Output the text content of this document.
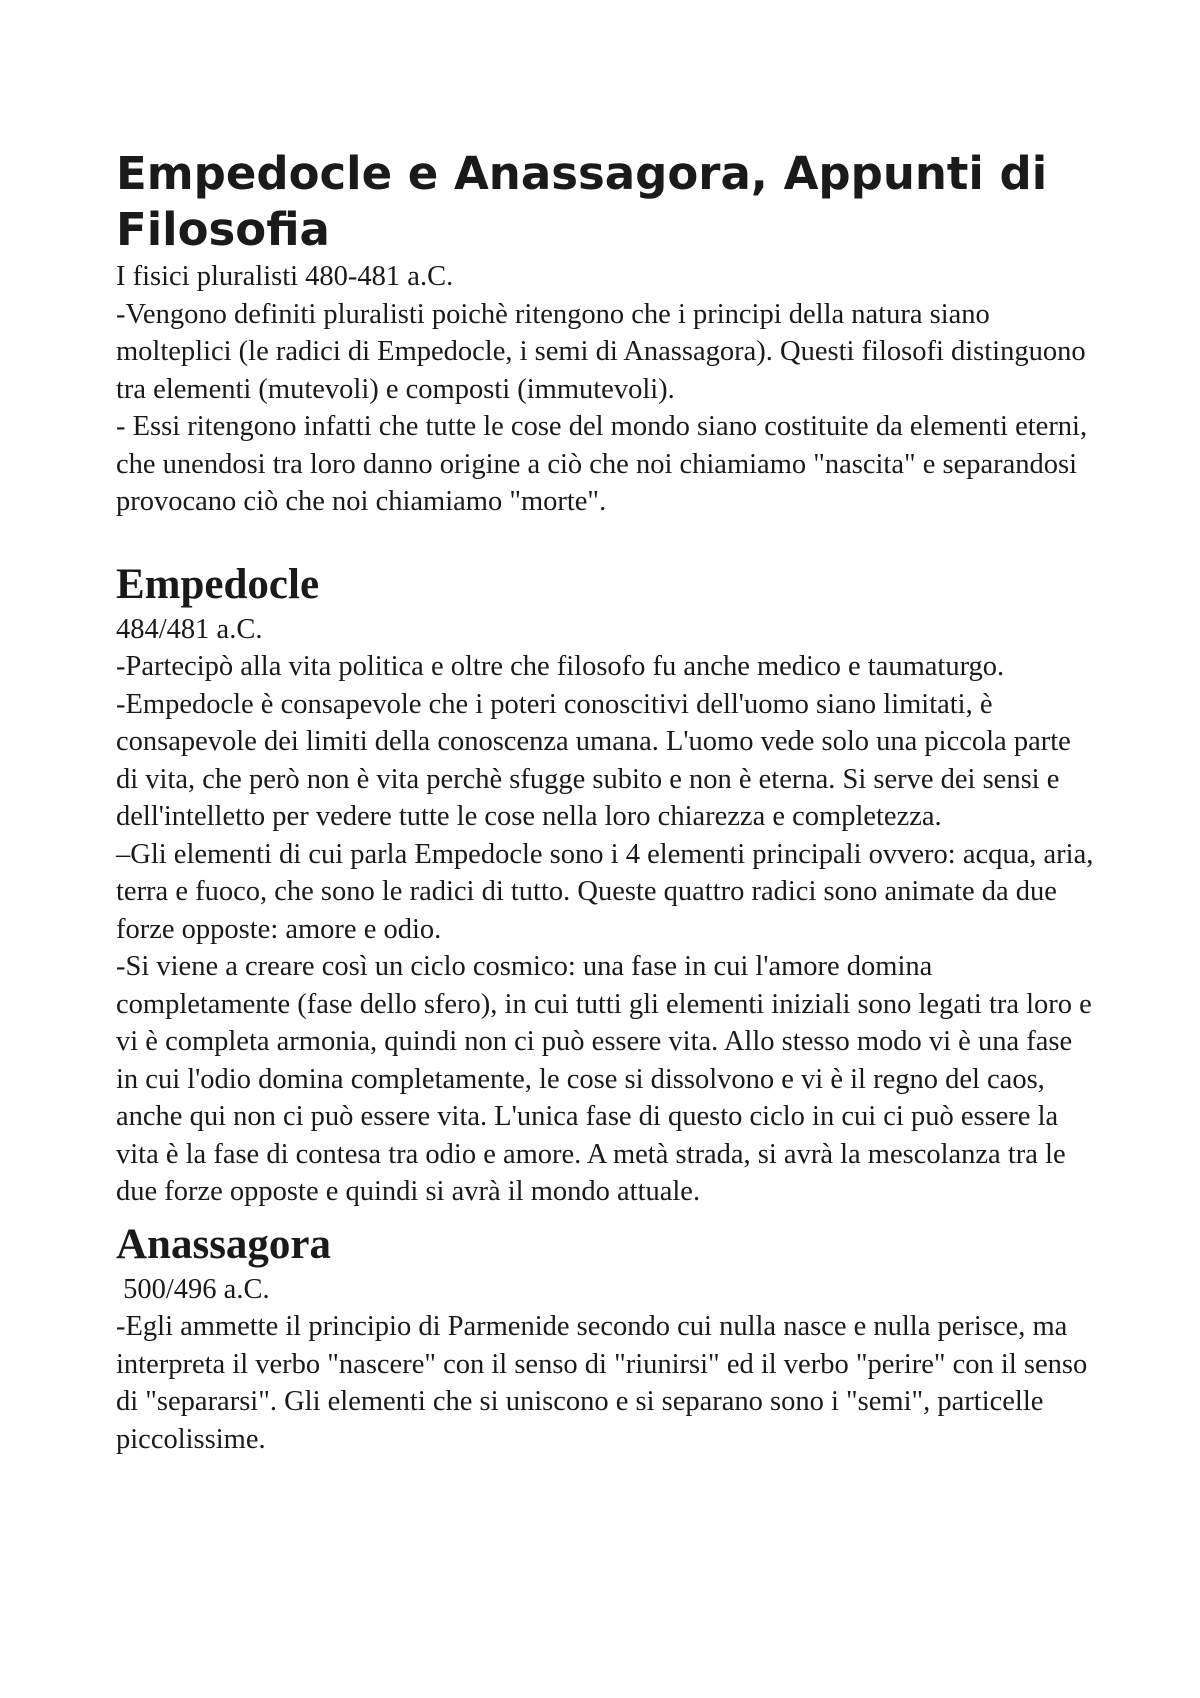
Empedocle e Anassagora, Appunti di Filosofia

I fisici pluralisti 480-481 a.C.

-Vengono definiti pluralisti poichè ritengono che i principi della natura siano molteplici (le radici di Empedocle, i semi di Anassagora). Questi filosofi distinguono tra elementi (mutevoli) e composti (immutevoli).

- Essi ritengono infatti che tutte le cose del mondo siano costituite da elementi eterni, che unendosi tra loro danno origine a ciò che noi chiamiamo "nascita" e separandosi provocano ciò che noi chiamiamo "morte".

Empedocle

484/481 a.C.

-Partecipò alla vita politica e oltre che filosofo fu anche medico e taumaturgo.

-Empedocle è consapevole che i poteri conoscitivi dell'uomo siano limitati, è consapevole dei limiti della conoscenza umana. L'uomo vede solo una piccola parte di vita, che però non è vita perchè sfugge subito e non è eterna. Si serve dei sensi e dell'intelletto per vedere tutte le cose nella loro chiarezza e completezza.

–Gli elementi di cui parla Empedocle sono i 4 elementi principali ovvero: acqua, aria, terra e fuoco, che sono le radici di tutto. Queste quattro radici sono animate da due forze opposte: amore e odio.

-Si viene a creare così un ciclo cosmico: una fase in cui l'amore domina completamente (fase dello sfero), in cui tutti gli elementi iniziali sono legati tra loro e vi è completa armonia, quindi non ci può essere vita. Allo stesso modo vi è una fase in cui l'odio domina completamente, le cose si dissolvono e vi è il regno del caos, anche qui non ci può essere vita. L'unica fase di questo ciclo in cui ci può essere la vita è la fase di contesa tra odio e amore. A metà strada, si avrà la mescolanza tra le due forze opposte e quindi si avrà il mondo attuale.

Anassagora

500/496 a.C.

-Egli ammette il principio di Parmenide secondo cui nulla nasce e nulla perisce, ma interpreta il verbo "nascere" con il senso di "riunirsi" ed il verbo "perire" con il senso di "separarsi". Gli elementi che si uniscono e si separano sono i "semi", particelle piccolissime.
